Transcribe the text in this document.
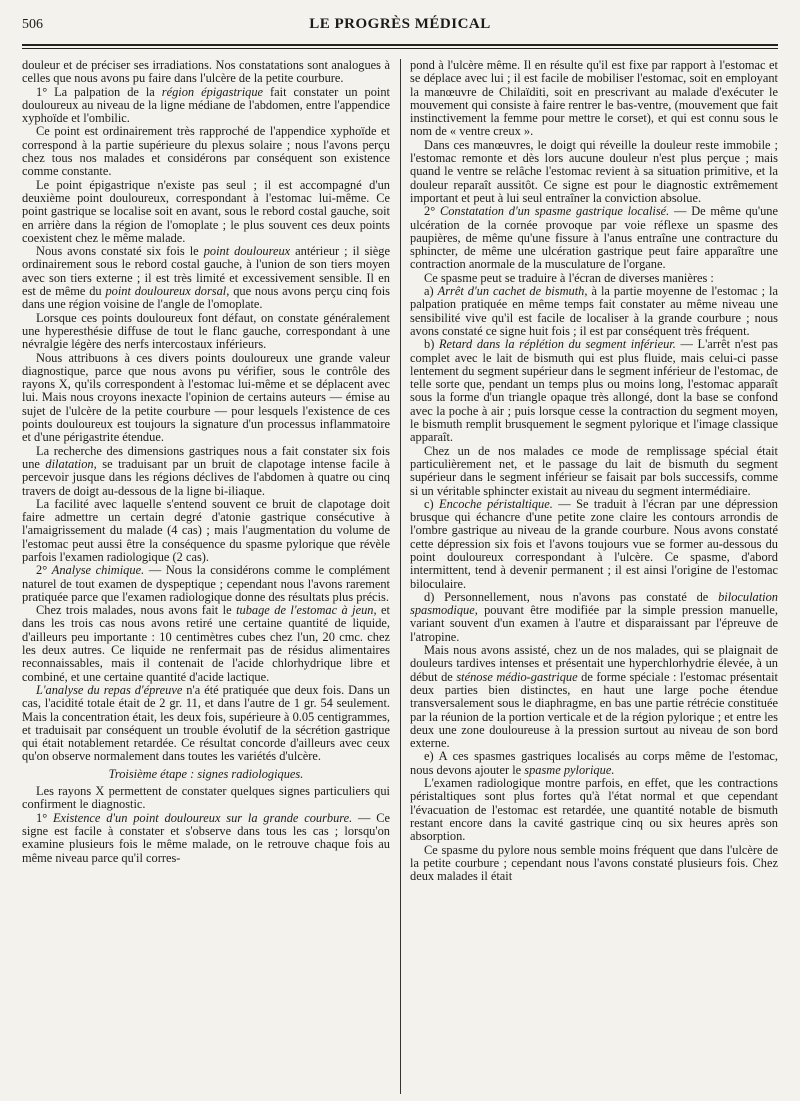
506	LE PROGRÈS MÉDICAL

douleur et de préciser ses irradiations. Nos constatations sont analogues à celles que nous avons pu faire dans l'ulcère de la petite courbure.

1° La palpation de la région épigastrique fait constater un point douloureux au niveau de la ligne médiane de l'abdomen, entre l'appendice xyphoïde et l'ombilic.

Ce point est ordinairement très rapproché de l'appendice xyphoïde et correspond à la partie supérieure du plexus solaire ; nous l'avons perçu chez tous nos malades et considérons par conséquent son existence comme constante.

Le point épigastrique n'existe pas seul ; il est accompagné d'un deuxième point douloureux, correspondant à l'estomac lui-même. Ce point gastrique se localise soit en avant, sous le rebord costal gauche, soit en arrière dans la région de l'omoplate ; le plus souvent ces deux points coexistent chez le même malade.

Nous avons constaté six fois le point douloureux antérieur ; il siège ordinairement sous le rebord costal gauche, à l'union de son tiers moyen avec son tiers externe ; il est très limité et excessivement sensible. Il en est de même du point douloureux dorsal, que nous avons perçu cinq fois dans une région voisine de l'angle de l'omoplate.

Lorsque ces points douloureux font défaut, on constate généralement une hyperesthésie diffuse de tout le flanc gauche, correspondant à une névralgie légère des nerfs intercostaux inférieurs.

Nous attribuons à ces divers points douloureux une grande valeur diagnostique, parce que nous avons pu vérifier, sous le contrôle des rayons X, qu'ils correspondent à l'estomac lui-même et se déplacent avec lui. Mais nous croyons inexacte l'opinion de certains auteurs — émise au sujet de l'ulcère de la petite courbure — pour lesquels l'existence de ces points douloureux est toujours la signature d'un processus inflammatoire et d'une périgastrite étendue.

La recherche des dimensions gastriques nous a fait constater six fois une dilatation, se traduisant par un bruit de clapotage intense facile à percevoir jusque dans les régions déclives de l'abdomen à quatre ou cinq travers de doigt au-dessous de la ligne bi-iliaque.

La facilité avec laquelle s'entend souvent ce bruit de clapotage doit faire admettre un certain degré d'atonie gastrique consécutive à l'amaigrissement du malade (4 cas) ; mais l'augmentation du volume de l'estomac peut aussi être la conséquence du spasme pylorique que révèle parfois l'examen radiologique (2 cas).

2° Analyse chimique. — Nous la considérons comme le complément naturel de tout examen de dyspeptique ; cependant nous l'avons rarement pratiquée parce que l'examen radiologique donne des résultats plus précis.

Chez trois malades, nous avons fait le tubage de l'estomac à jeun, et dans les trois cas nous avons retiré une certaine quantité de liquide, d'ailleurs peu importante : 10 centimètres cubes chez l'un, 20 cmc. chez les deux autres. Ce liquide ne renfermait pas de résidus alimentaires reconnaissables, mais il contenait de l'acide chlorhydrique libre et combiné, et une certaine quantité d'acide lactique.

L'analyse du repas d'épreuve n'a été pratiquée que deux fois. Dans un cas, l'acidité totale était de 2 gr. 11, et dans l'autre de 1 gr. 54 seulement. Mais la concentration était, les deux fois, supérieure à 0.05 centigrammes, et traduisait par conséquent un trouble évolutif de la sécrétion gastrique qui était notablement retardée. Ce résultat concorde d'ailleurs avec ceux qu'on observe normalement dans toutes les variétés d'ulcère.

Troisième étape : signes radiologiques.

Les rayons X permettent de constater quelques signes particuliers qui confirment le diagnostic.

1° Existence d'un point douloureux sur la grande courbure. — Ce signe est facile à constater et s'observe dans tous les cas ; lorsqu'on examine plusieurs fois le même malade, on le retrouve chaque fois au même niveau parce qu'il corres-

pond à l'ulcère même. Il en résulte qu'il est fixe par rapport à l'estomac et se déplace avec lui ; il est facile de mobiliser l'estomac, soit en employant la manœuvre de Chilaïditi, soit en prescrivant au malade d'exécuter le mouvement qui consiste à faire rentrer le bas-ventre, (mouvement que fait instinctivement la femme pour mettre le corset), et qui est connu sous le nom de « ventre creux ».

Dans ces manœuvres, le doigt qui réveille la douleur reste immobile ; l'estomac remonte et dès lors aucune douleur n'est plus perçue ; mais quand le ventre se relâche l'estomac revient à sa situation primitive, et la douleur reparaît aussitôt. Ce signe est pour le diagnostic extrêmement important et peut à lui seul entraîner la conviction absolue.

2° Constatation d'un spasme gastrique localisé. — De même qu'une ulcération de la cornée provoque par voie réflexe un spasme des paupières, de même qu'une fissure à l'anus entraîne une contracture du sphincter, de même une ulcération gastrique peut faire apparaître une contraction anormale de la musculature de l'organe.

Ce spasme peut se traduire à l'écran de diverses manières :

a) Arrêt d'un cachet de bismuth, à la partie moyenne de l'estomac ; la palpation pratiquée en même temps fait constater au même niveau une sensibilité vive qu'il est facile de localiser à la grande courbure ; nous avons constaté ce signe huit fois ; il est par conséquent très fréquent.

b) Retard dans la réplétion du segment inférieur. — L'arrêt n'est pas complet avec le lait de bismuth qui est plus fluide, mais celui-ci passe lentement du segment supérieur dans le segment inférieur de l'estomac, de telle sorte que, pendant un temps plus ou moins long, l'estomac apparaît sous la forme d'un triangle opaque très allongé, dont la base se confond avec la poche à air ; puis lorsque cesse la contraction du segment moyen, le bismuth remplit brusquement le segment pylorique et l'image classique apparaît.

Chez un de nos malades ce mode de remplissage spécial était particulièrement net, et le passage du lait de bismuth du segment supérieur dans le segment inférieur se faisait par bols successifs, comme si un véritable sphincter existait au niveau du segment intermédiaire.

c) Encoche péristaltique. — Se traduit à l'écran par une dépression brusque qui échancre d'une petite zone claire les contours arrondis de l'ombre gastrique au niveau de la grande courbure. Nous avons constaté cette dépression six fois et l'avons toujours vue se former au-dessous du point douloureux correspondant à l'ulcère. Ce spasme, d'abord intermittent, tend à devenir permanent ; il est ainsi l'origine de l'estomac biloculaire.

d) Personnellement, nous n'avons pas constaté de biloculation spasmodique, pouvant être modifiée par la simple pression manuelle, variant souvent d'un examen à l'autre et disparaissant par l'épreuve de l'atropine.

Mais nous avons assisté, chez un de nos malades, qui se plaignait de douleurs tardives intenses et présentait une hyperchlorhydrie élevée, à un début de sténose médio-gastrique de forme spéciale : l'estomac présentait deux parties bien distinctes, en haut une large poche étendue transversalement sous le diaphragme, en bas une partie rétrécie constituée par la réunion de la portion verticale et de la région pylorique ; et entre les deux une zone douloureuse à la pression surtout au niveau de son bord externe.

e) A ces spasmes gastriques localisés au corps même de l'estomac, nous devons ajouter le spasme pylorique.

L'examen radiologique montre parfois, en effet, que les contractions péristaltiques sont plus fortes qu'à l'état normal et que cependant l'évacuation de l'estomac est retardée, une quantité notable de bismuth restant encore dans la cavité gastrique cinq ou six heures après son absorption.

Ce spasme du pylore nous semble moins fréquent que dans l'ulcère de la petite courbure ; cependant nous l'avons constaté plusieurs fois. Chez deux malades il était
